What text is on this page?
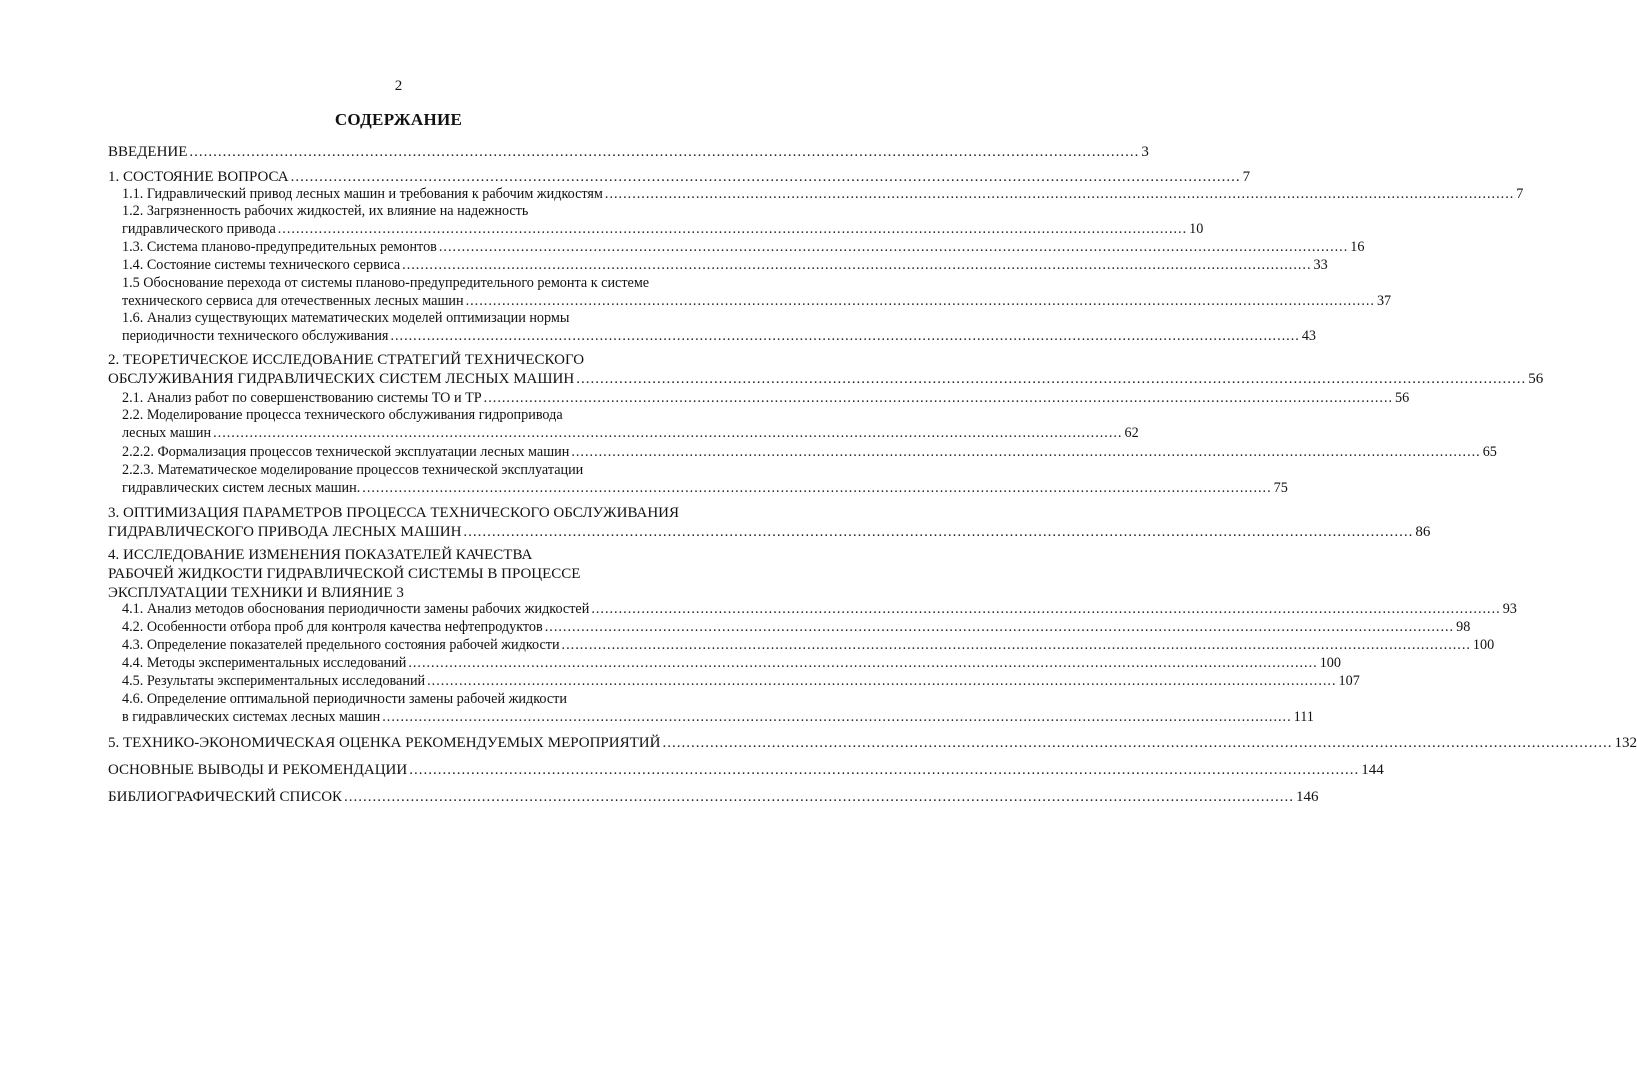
2
СОДЕРЖАНИЕ
ВВЕДЕНИЕ ........................................................................................................................................................................................................ 3
1. СОСТОЯНИЕ ВОПРОСА ........................................................................................................................................................................................................ 7
1.1. Гидравлический привод лесных машин и требования к рабочим жидкостям ........................................................................................................................................................................................................ 7
1.2. Загрязненность рабочих жидкостей, их влияние на надежность
гидравлического привода ........................................................................................................................................................................................................ 10
1.3. Система планово-предупредительных ремонтов ........................................................................................................................................................................................................ 16
1.4. Состояние системы технического сервиса ........................................................................................................................................................................................................ 33
1.5 Обоснование перехода от системы планово-предупредительного ремонта к системе
технического сервиса для отечественных лесных машин ........................................................................................................................................................................................................ 37
1.6. Анализ существующих математических моделей оптимизации нормы
периодичности технического обслуживания ........................................................................................................................................................................................................ 43
2. ТЕОРЕТИЧЕСКОЕ ИССЛЕДОВАНИЕ СТРАТЕГИЙ ТЕХНИЧЕСКОГО
ОБСЛУЖИВАНИЯ ГИДРАВЛИЧЕСКИХ СИСТЕМ ЛЕСНЫХ МАШИН ........................................................................................................................................................................................................ 56
2.1. Анализ работ по совершенствованию системы ТО и ТР ........................................................................................................................................................................................................ 56
2.2. Моделирование процесса технического обслуживания гидропривода
лесных машин ........................................................................................................................................................................................................ 62
2.2.2. Формализация процессов технической эксплуатации лесных машин ........................................................................................................................................................................................................ 65
2.2.3. Математическое моделирование процессов технической эксплуатации
гидравлических систем лесных машин. ........................................................................................................................................................................................................ 75
3. ОПТИМИЗАЦИЯ ПАРАМЕТРОВ ПРОЦЕССА ТЕХНИЧЕСКОГО ОБСЛУЖИВАНИЯ
ГИДРАВЛИЧЕСКОГО ПРИВОДА ЛЕСНЫХ МАШИН ........................................................................................................................................................................................................ 86
4. ИССЛЕДОВАНИЕ ИЗМЕНЕНИЯ ПОКАЗАТЕЛЕЙ КАЧЕСТВА
РАБОЧЕЙ ЖИДКОСТИ ГИДРАВЛИЧЕСКОЙ СИСТЕМЫ В ПРОЦЕССЕ
ЭКСПЛУАТАЦИИ ТЕХНИКИ И ВЛИЯНИЕ 3
4.1. Анализ методов обоснования периодичности замены рабочих жидкостей ........................................................................................................................................................................................................ 93
4.2. Особенности отбора проб для контроля качества нефтепродуктов ........................................................................................................................................................................................................ 98
4.3. Определение показателей предельного состояния рабочей жидкости ........................................................................................................................................................................................................ 100
4.4. Методы экспериментальных исследований ........................................................................................................................................................................................................ 100
4.5. Результаты экспериментальных исследований ........................................................................................................................................................................................................ 107
4.6. Определение оптимальной периодичности замены рабочей жидкости
в гидравлических системах лесных машин ........................................................................................................................................................................................................ 111
5. ТЕХНИКО-ЭКОНОМИЧЕСКАЯ ОЦЕНКА РЕКОМЕНДУЕМЫХ МЕРОПРИЯТИЙ ........................................................................................................................................................................................................ 132
ОСНОВНЫЕ ВЫВОДЫ И РЕКОМЕНДАЦИИ ........................................................................................................................................................................................................ 144
БИБЛИОГРАФИЧЕСКИЙ СПИСОК ........................................................................................................................................................................................................ 146
